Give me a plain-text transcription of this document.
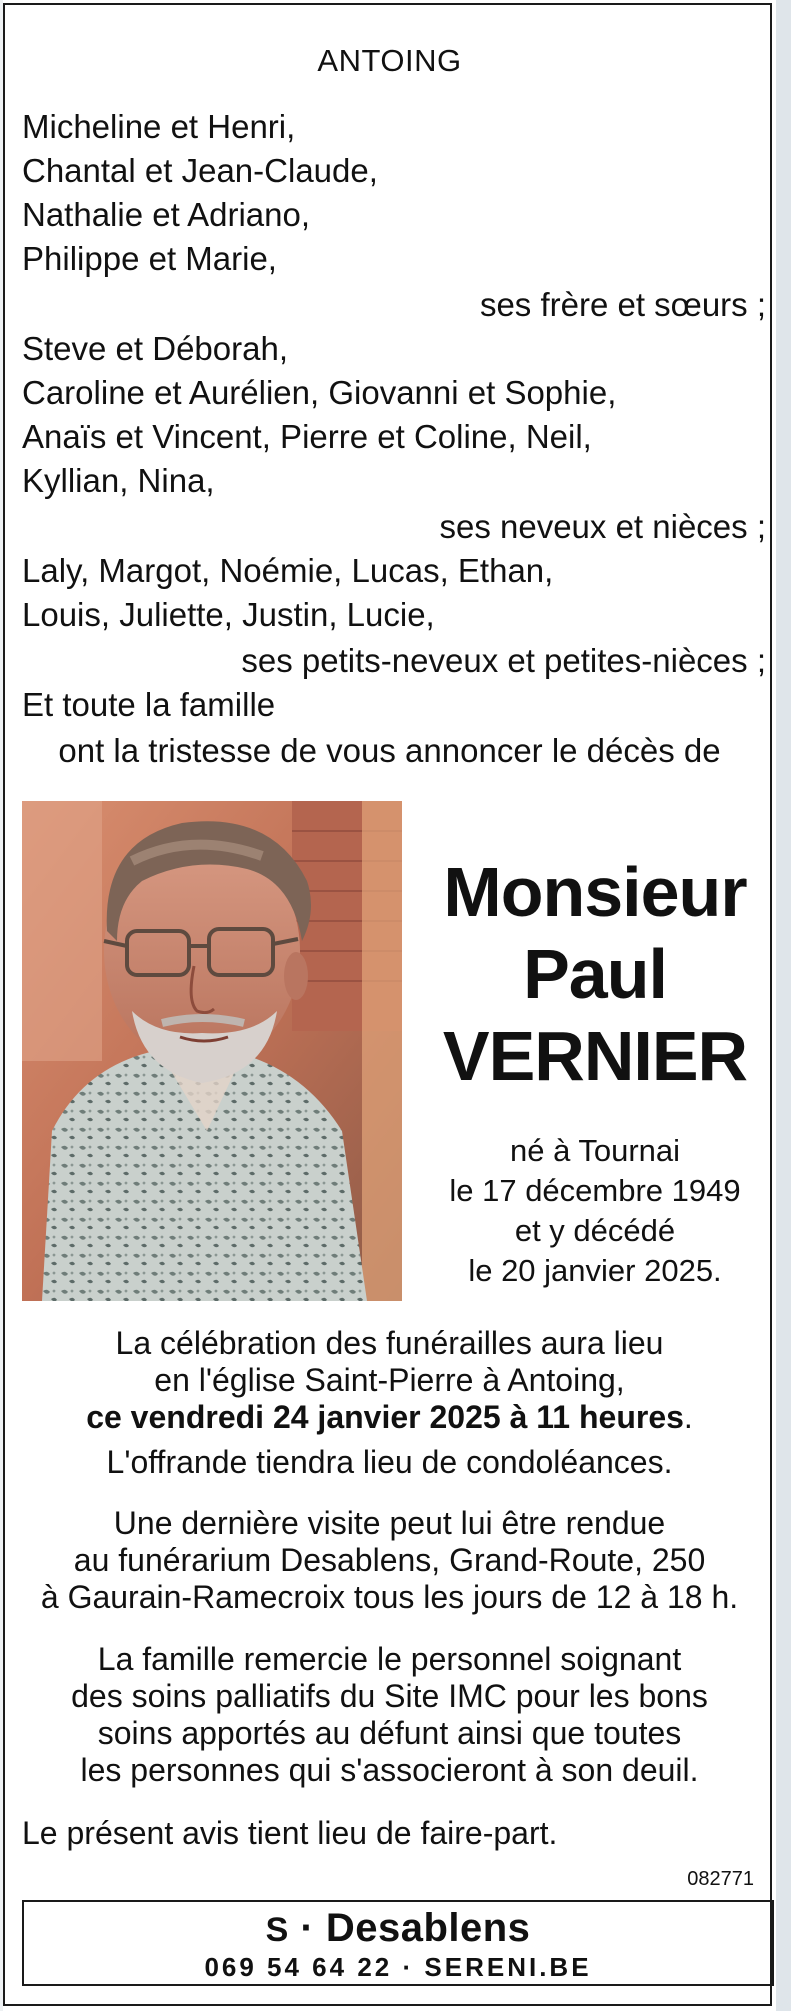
ANTOING
Micheline et Henri,
Chantal et Jean-Claude,
Nathalie et Adriano,
Philippe et Marie,
ses frère et sœurs ;
Steve et Déborah,
Caroline et Aurélien, Giovanni et Sophie,
Anaïs et Vincent, Pierre et Coline, Neil,
Kyllian, Nina,
ses neveux et nièces ;
Laly, Margot, Noémie, Lucas, Ethan,
Louis, Juliette, Justin, Lucie,
ses petits-neveux et petites-nièces ;
Et toute la famille
ont la tristesse de vous annoncer le décès de
Monsieur
Paul
VERNIER
né à Tournai
le 17 décembre 1949
et y décédé
le 20 janvier 2025.
La célébration des funérailles aura lieu
en l'église Saint-Pierre à Antoing,
ce vendredi 24 janvier 2025 à 11 heures.
L'offrande tiendra lieu de condoléances.
Une dernière visite peut lui être rendue
au funérarium Desablens, Grand-Route, 250
à Gaurain-Ramecroix tous les jours de 12 à 18 h.
La famille remercie le personnel soignant
des soins palliatifs du Site IMC pour les bons
soins apportés au défunt ainsi que toutes
les personnes qui s'associeront à son deuil.
Le présent avis tient lieu de faire-part.
082771
S · Desablens
069 54 64 22 · SERENI.BE
